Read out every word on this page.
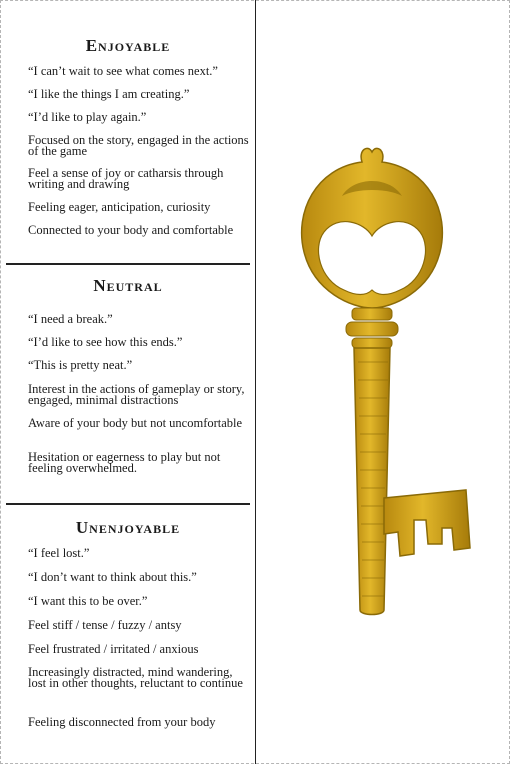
Enjoyable

“I can’t wait to see what comes next.”

“I like the things I am creating.”

“I’d like to play again.”

Focused on the story, engaged in the actions of the game

Feel a sense of joy or catharsis through writing and drawing

Feeling eager, anticipation, curiosity

Connected to your body and comfortable

Neutral

“I need a break.”

“I’d like to see how this ends.”

“This is pretty neat.”

Interest in the actions of gameplay or story, engaged, minimal distractions

Aware of your body but not uncomfortable

Hesitation or eagerness to play but not feeling overwhelmed.

Unenjoyable

“I feel lost.”

“I don’t want to think about this.”

“I want this to be over.”

Feel stiff / tense / fuzzy / antsy

Feel frustrated / irritated / anxious

Increasingly distracted, mind wandering, lost in other thoughts, reluctant to continue

Feeling disconnected from your body
